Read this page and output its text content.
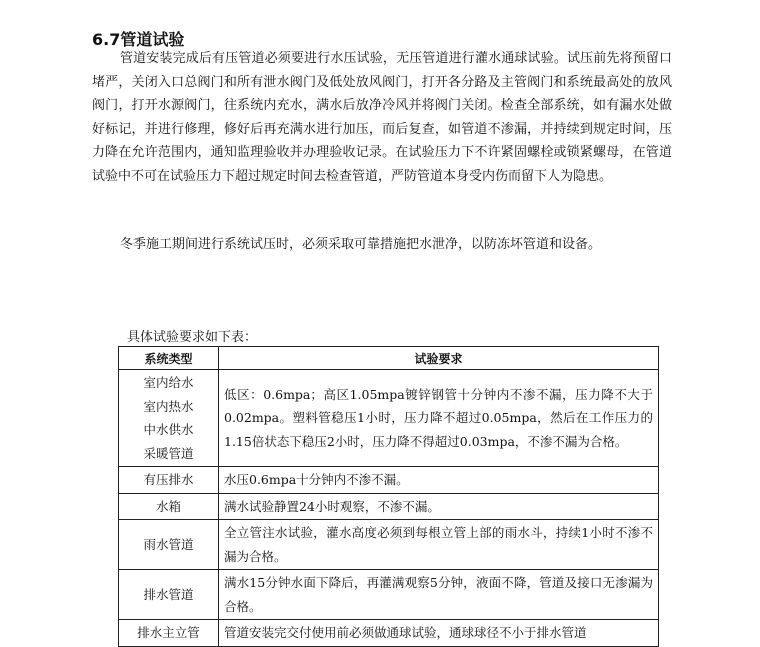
6.7管道试验

管道安装完成后有压管道必须要进行水压试验，无压管道进行灌水通球试验。试压前先将预留口堵严，关闭入口总阀门和所有泄水阀门及低处放风阀门，打开各分路及主管阀门和系统最高处的放风阀门，打开水源阀门，往系统内充水，满水后放净冷风并将阀门关闭。检查全部系统，如有漏水处做好标记，并进行修理，修好后再充满水进行加压，而后复查，如管道不渗漏，并持续到规定时间，压力降在允许范围内，通知监理验收并办理验收记录。在试验压力下不许紧固螺栓或锁紧螺母，在管道试验中不可在试验压力下超过规定时间去检查管道，严防管道本身受内伤而留下人为隐患。

冬季施工期间进行系统试压时，必须采取可靠措施把水泄净，以防冻坏管道和设备。

具体试验要求如下表：

系统类型	试验要求

室内给水
室内热水
中水供水
采暖管道	低区：0.6mpa；高区1.05mpa镀锌钢管十分钟内不渗不漏，压力降不大于0.02mpa。塑料管稳压1小时，压力降不超过0.05mpa，然后在工作压力的1.15倍状态下稳压2小时，压力降不得超过0.03mpa，不渗不漏为合格。

有压排水	水压0.6mpa十分钟内不渗不漏。

水箱	满水试验静置24小时观察，不渗不漏。

雨水管道	全立管注水试验，灌水高度必须到每根立管上部的雨水斗，持续1小时不渗不漏为合格。

排水管道	满水15分钟水面下降后，再灌满观察5分钟，液面不降，管道及接口无渗漏为合格。

排水主立管	管道安装完交付使用前必须做通球试验，通球球径不小于排水管道
